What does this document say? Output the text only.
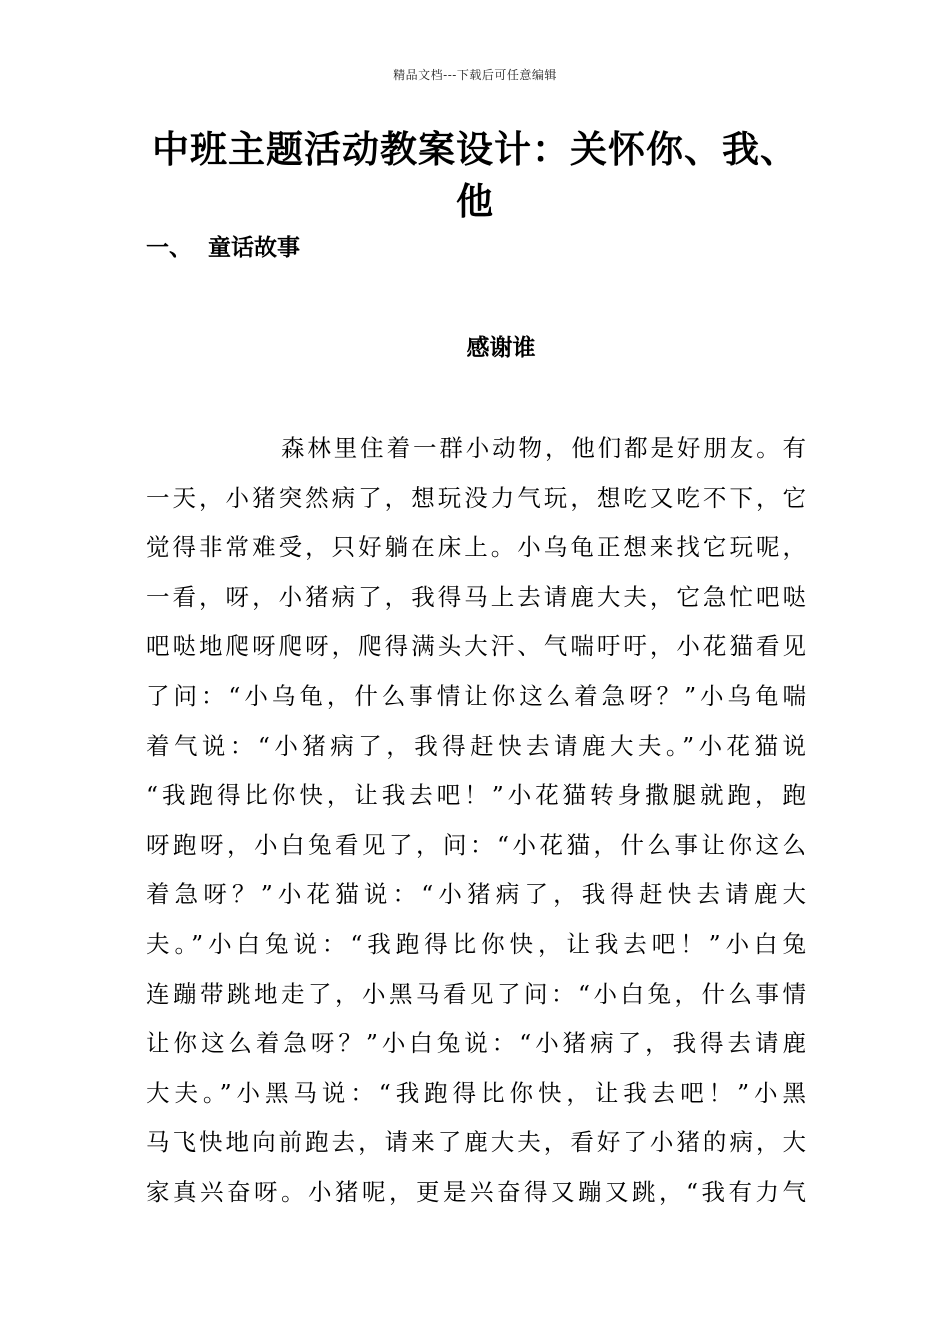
精品文档---下载后可任意编辑
中班主题活动教案设计：关怀你、我、
他
一、 童话故事
感谢谁
森林里住着一群小动物，他们都是好朋友。有
一天，小猪突然病了，想玩没力气玩，想吃又吃不下，它
觉得非常难受，只好躺在床上。小乌龟正想来找它玩呢，
一看，呀，小猪病了，我得马上去请鹿大夫，它急忙吧哒
吧哒地爬呀爬呀，爬得满头大汗、气喘吁吁，小花猫看见
了问：“小乌龟，什么事情让你这么着急呀？”小乌龟喘
着气说：“小猪病了，我得赶快去请鹿大夫。”小花猫说
“我跑得比你快，让我去吧！”小花猫转身撒腿就跑，跑
呀跑呀，小白兔看见了，问：“小花猫，什么事让你这么
着急呀？”小花猫说：“小猪病了，我得赶快去请鹿大
夫。”小白兔说：“我跑得比你快，让我去吧！”小白兔
连蹦带跳地走了，小黑马看见了问：“小白兔，什么事情
让你这么着急呀？”小白兔说：“小猪病了，我得去请鹿
大夫。”小黑马说：“我跑得比你快，让我去吧！”小黑
马飞快地向前跑去，请来了鹿大夫，看好了小猪的病，大
家真兴奋呀。小猪呢，更是兴奋得又蹦又跳，“我有力气
